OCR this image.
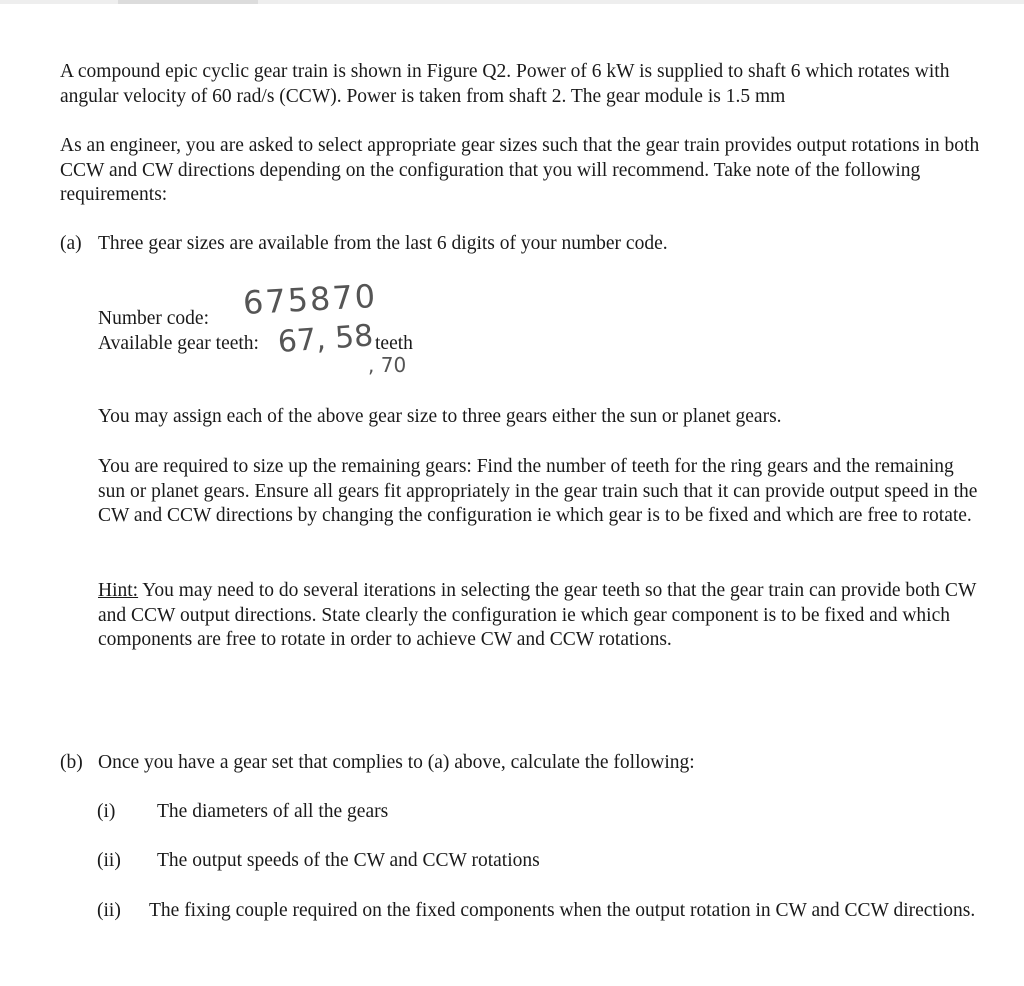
A compound epic cyclic gear train is shown in Figure Q2. Power of 6 kW is supplied to shaft 6 which rotates with angular velocity of 60 rad/s (CCW). Power is taken from shaft 2. The gear module is 1.5 mm

As an engineer, you are asked to select appropriate gear sizes such that the gear train provides output rotations in both CCW and CW directions depending on the configuration that you will recommend. Take note of the following requirements:

(a) Three gear sizes are available from the last 6 digits of your number code.
Number code: 675870
Available gear teeth: 67, 58
, 70
teeth

You may assign each of the above gear size to three gears either the sun or planet gears.

You are required to size up the remaining gears: Find the number of teeth for the ring gears and the remaining sun or planet gears. Ensure all gears fit appropriately in the gear train such that it can provide output speed in the CW and CCW directions by changing the configuration ie which gear is to be fixed and which are free to rotate.

Hint: You may need to do several iterations in selecting the gear teeth so that the gear train can provide both CW and CCW output directions. State clearly the configuration ie which gear component is to be fixed and which components are free to rotate in order to achieve CW and CCW rotations.

(b) Once you have a gear set that complies to (a) above, calculate the following:
(i) The diameters of all the gears
(ii) The output speeds of the CW and CCW rotations
(ii) The fixing couple required on the fixed components when the output rotation in CW and CCW directions.
